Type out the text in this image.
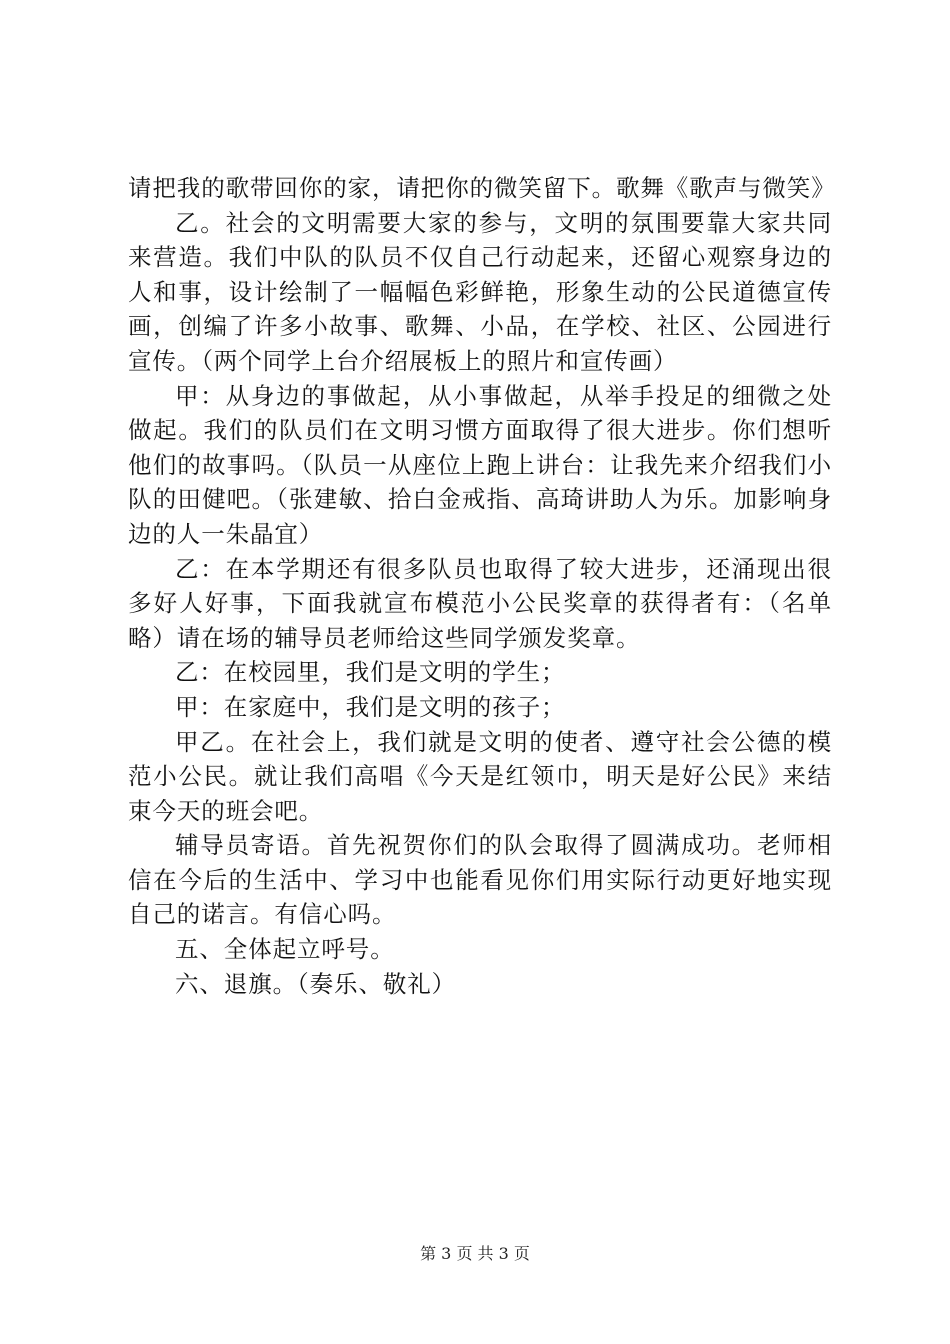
请把我的歌带回你的家，请把你的微笑留下。歌舞《歌声与微笑》

乙。社会的文明需要大家的参与，文明的氛围要靠大家共同来营造。我们中队的队员不仅自己行动起来，还留心观察身边的人和事，设计绘制了一幅幅色彩鲜艳，形象生动的公民道德宣传画，创编了许多小故事、歌舞、小品，在学校、社区、公园进行宣传。（两个同学上台介绍展板上的照片和宣传画）

甲：从身边的事做起，从小事做起，从举手投足的细微之处做起。我们的队员们在文明习惯方面取得了很大进步。你们想听他们的故事吗。（队员一从座位上跑上讲台：让我先来介绍我们小队的田健吧。（张建敏、拾白金戒指、高琦讲助人为乐。加影响身边的人一朱晶宜）

乙：在本学期还有很多队员也取得了较大进步，还涌现出很多好人好事，下面我就宣布模范小公民奖章的获得者有：（名单略）请在场的辅导员老师给这些同学颁发奖章。

乙：在校园里，我们是文明的学生；

甲：在家庭中，我们是文明的孩子；

甲乙。在社会上，我们就是文明的使者、遵守社会公德的模范小公民。就让我们高唱《今天是红领巾，明天是好公民》来结束今天的班会吧。

辅导员寄语。首先祝贺你们的队会取得了圆满成功。老师相信在今后的生活中、学习中也能看见你们用实际行动更好地实现自己的诺言。有信心吗。

五、全体起立呼号。

六、退旗。（奏乐、敬礼）

第 3 页 共 3 页
